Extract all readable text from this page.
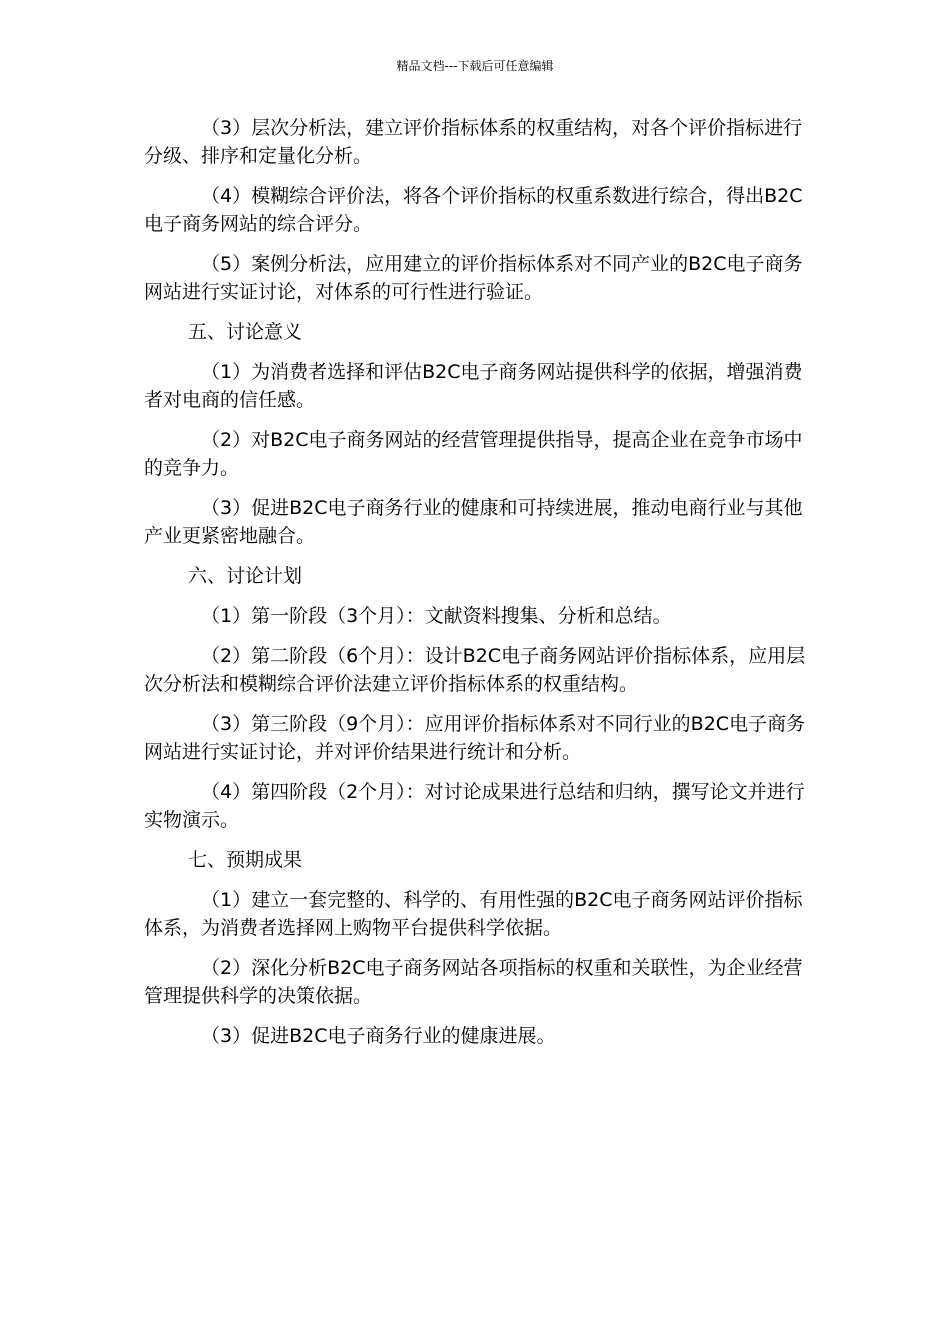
精品文档---下载后可任意编辑

（3）层次分析法，建立评价指标体系的权重结构，对各个评价指标进行分级、排序和定量化分析。

（4）模糊综合评价法，将各个评价指标的权重系数进行综合，得出B2C电子商务网站的综合评分。

（5）案例分析法，应用建立的评价指标体系对不同产业的B2C电子商务网站进行实证讨论，对体系的可行性进行验证。

五、讨论意义

（1）为消费者选择和评估B2C电子商务网站提供科学的依据，增强消费者对电商的信任感。

（2）对B2C电子商务网站的经营管理提供指导，提高企业在竞争市场中的竞争力。

（3）促进B2C电子商务行业的健康和可持续进展，推动电商行业与其他产业更紧密地融合。

六、讨论计划

（1）第一阶段（3个月）：文献资料搜集、分析和总结。

（2）第二阶段（6个月）：设计B2C电子商务网站评价指标体系，应用层次分析法和模糊综合评价法建立评价指标体系的权重结构。

（3）第三阶段（9个月）：应用评价指标体系对不同行业的B2C电子商务网站进行实证讨论，并对评价结果进行统计和分析。

（4）第四阶段（2个月）：对讨论成果进行总结和归纳，撰写论文并进行实物演示。

七、预期成果

（1）建立一套完整的、科学的、有用性强的B2C电子商务网站评价指标体系，为消费者选择网上购物平台提供科学依据。

（2）深化分析B2C电子商务网站各项指标的权重和关联性，为企业经营管理提供科学的决策依据。

（3）促进B2C电子商务行业的健康进展。
